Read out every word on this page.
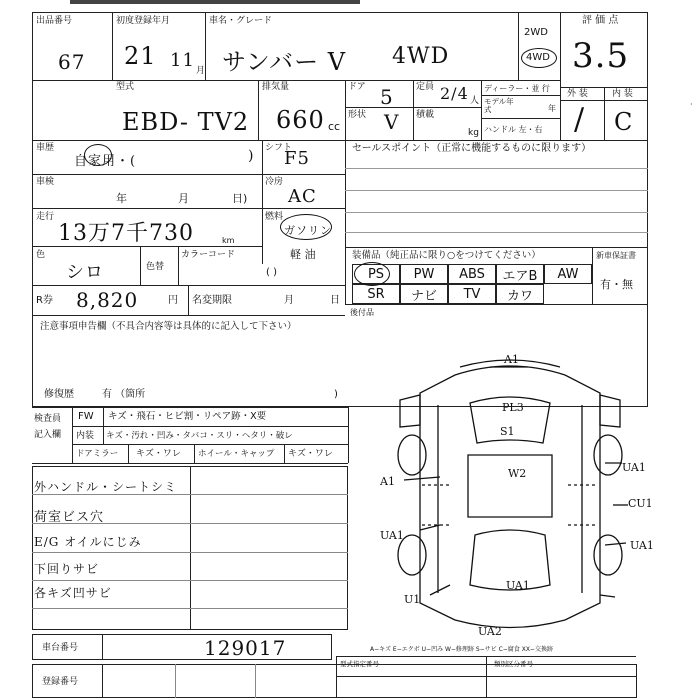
出品番号
67
初度登録年月
21 11 月
車名・グレード
サンバー V 4WD
2WD
4WD
評 価 点
3.5
外 装	内 装
/ C
型式
EBD- TV2
排気量
660 cc
ドア 5 定員 2/4 人
形状 V 積載
kg
ディーラー・並 行
モデル年式	年
ハンドル 左・右
車歴
自家用・(	) シフト
F5
車検
年	月	日)
冷房
AC
走行
13万7千730	km
燃料
ガソリン
軽 油
( )
色
シロ	色替
カラーコード
R券 8,820	円 名変期限	月	日
注意事項申告欄（不具合内容等は具体的に記入して下さい）
修復歴	有 （箇所	)
検査員
記入欄
FW キズ・飛石・ヒビ割・リペア跡・X要
内装 キズ・汚れ・凹み・タバコ・スリ・ヘタリ・破レ
ドアミラー キズ・ワレ ホイール・キャップ キズ・ワレ
外ハンドル・シートシミ
荷室ビス穴
E/G オイルにじみ
下回りサビ
各キズ凹サビ
セールスポイント（正常に機能するものに限ります）
装備品（純正品に限り○をつけてください）	新車保証書
有・無
後付品
PS	PW	ABS	エアB	AW
SR	ナビ	TV	カワ
A1
PL3
S1
W2	UA1
CU1
A1
UA1
UA1
UA1
U1
UA2
A−キズ E−エクボ U−凹み W−修理跡 S−サビ C−腐食 XX−交換跡
車台番号	129017
登録番号
型式指定番号	類別区分番号
·
